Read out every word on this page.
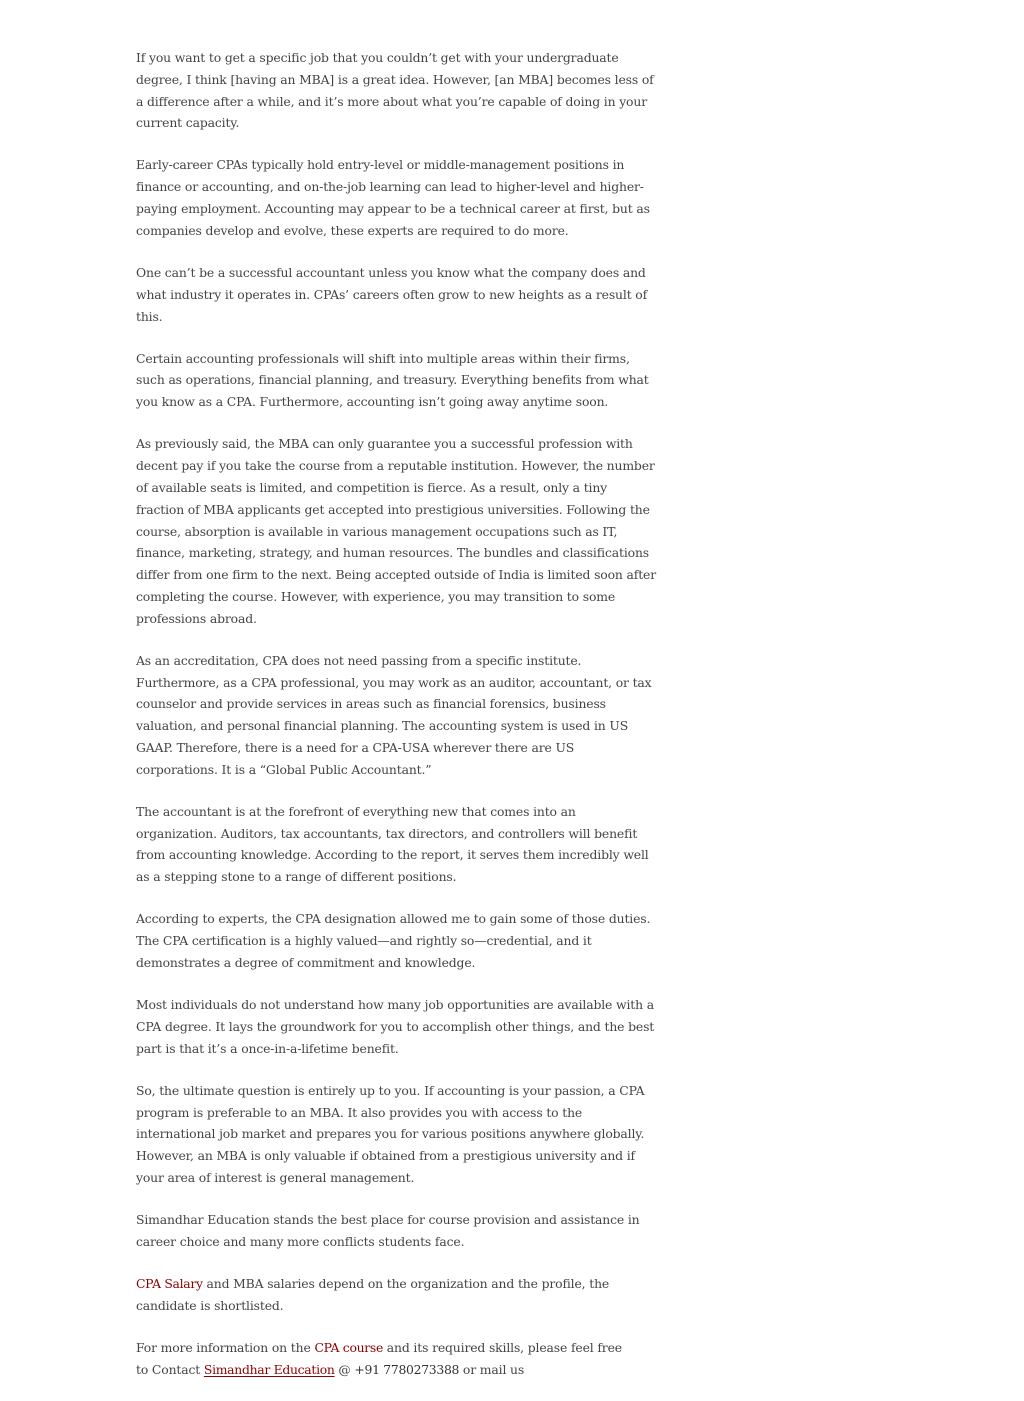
If you want to get a specific job that you couldn’t get with your undergraduate degree, I think [having an MBA] is a great idea. However, [an MBA] becomes less of a difference after a while, and it’s more about what you’re capable of doing in your current capacity.

Early-career CPAs typically hold entry-level or middle-management positions in finance or accounting, and on-the-job learning can lead to higher-level and higher-paying employment. Accounting may appear to be a technical career at first, but as companies develop and evolve, these experts are required to do more.

One can’t be a successful accountant unless you know what the company does and what industry it operates in. CPAs’ careers often grow to new heights as a result of this.

Certain accounting professionals will shift into multiple areas within their firms, such as operations, financial planning, and treasury. Everything benefits from what you know as a CPA. Furthermore, accounting isn’t going away anytime soon.

As previously said, the MBA can only guarantee you a successful profession with decent pay if you take the course from a reputable institution. However, the number of available seats is limited, and competition is fierce. As a result, only a tiny fraction of MBA applicants get accepted into prestigious universities. Following the course, absorption is available in various management occupations such as IT, finance, marketing, strategy, and human resources. The bundles and classifications differ from one firm to the next. Being accepted outside of India is limited soon after completing the course. However, with experience, you may transition to some professions abroad.

As an accreditation, CPA does not need passing from a specific institute. Furthermore, as a CPA professional, you may work as an auditor, accountant, or tax counselor and provide services in areas such as financial forensics, business valuation, and personal financial planning. The accounting system is used in US GAAP. Therefore, there is a need for a CPA-USA wherever there are US corporations. It is a “Global Public Accountant.”

The accountant is at the forefront of everything new that comes into an organization. Auditors, tax accountants, tax directors, and controllers will benefit from accounting knowledge. According to the report, it serves them incredibly well as a stepping stone to a range of different positions.

According to experts, the CPA designation allowed me to gain some of those duties. The CPA certification is a highly valued—and rightly so—credential, and it demonstrates a degree of commitment and knowledge.

Most individuals do not understand how many job opportunities are available with a CPA degree. It lays the groundwork for you to accomplish other things, and the best part is that it’s a once-in-a-lifetime benefit.

So, the ultimate question is entirely up to you. If accounting is your passion, a CPA program is preferable to an MBA. It also provides you with access to the international job market and prepares you for various positions anywhere globally. However, an MBA is only valuable if obtained from a prestigious university and if your area of interest is general management.

Simandhar Education stands the best place for course provision and assistance in career choice and many more conflicts students face.

CPA Salary and MBA salaries depend on the organization and the profile, the candidate is shortlisted.

For more information on the CPA course and its required skills, please feel free
to Contact Simandhar Education @ +91 7780273388 or mail us
